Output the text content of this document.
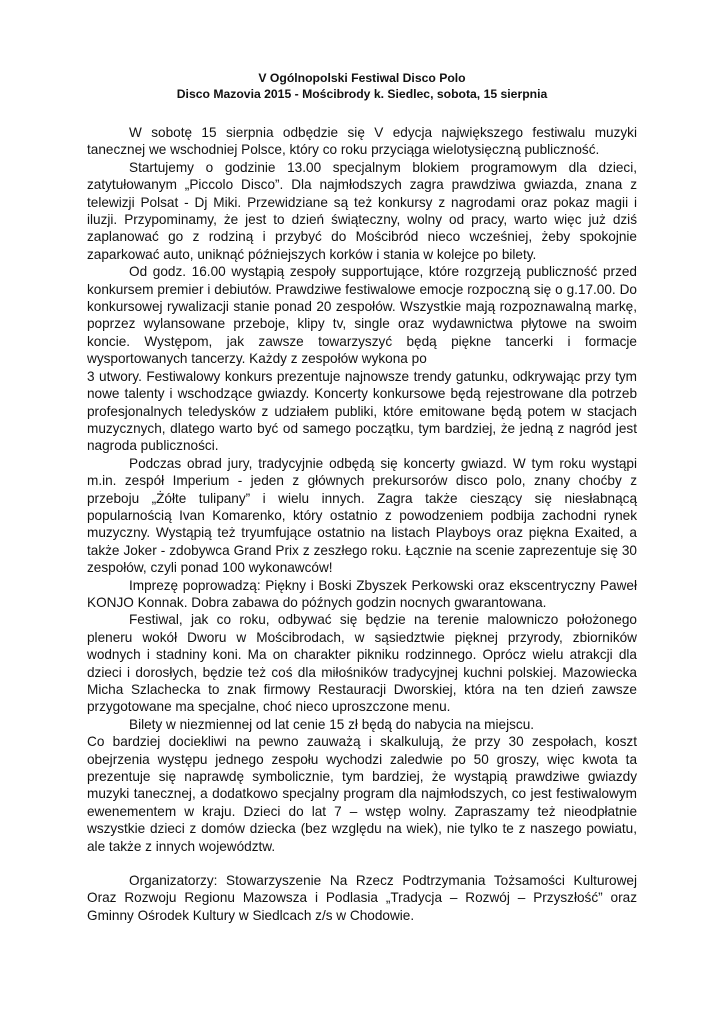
V Ogólnopolski Festiwal Disco Polo

Disco Mazovia 2015 - Mościbrody k. Siedlec, sobota, 15 sierpnia

W sobotę 15 sierpnia odbędzie się V edycja największego festiwalu muzyki tanecznej we wschodniej Polsce, który co roku przyciąga wielotysięczną publiczność.

Startujemy o godzinie 13.00 specjalnym blokiem programowym dla dzieci, zatytułowanym „Piccolo Disco”. Dla najmłodszych zagra prawdziwa gwiazda, znana z telewizji Polsat - Dj Miki. Przewidziane są też konkursy z nagrodami oraz pokaz magii i iluzji. Przypominamy, że jest to dzień świąteczny, wolny od pracy, warto więc już dziś zaplanować go z rodziną i przybyć do Mościbród nieco wcześniej, żeby spokojnie zaparkować auto, uniknąć późniejszych korków i stania w kolejce po bilety.

Od godz. 16.00 wystąpią zespoły supportujące, które rozgrzeją publiczność przed konkursem premier i debiutów. Prawdziwe festiwalowe emocje rozpoczną się o g.17.00. Do konkursowej rywalizacji stanie ponad 20 zespołów. Wszystkie mają rozpoznawalną markę, poprzez wylansowane przeboje, klipy tv, single oraz wydawnictwa płytowe na swoim koncie. Występom, jak zawsze towarzyszyć będą piękne tancerki i formacje wysportowanych tancerzy. Każdy z zespołów wykona po

3 utwory. Festiwalowy konkurs prezentuje najnowsze trendy gatunku, odkrywając przy tym nowe talenty i wschodzące gwiazdy. Koncerty konkursowe będą rejestrowane dla potrzeb profesjonalnych teledysków z udziałem publiki, które emitowane będą potem w stacjach muzycznych, dlatego warto być od samego początku, tym bardziej, że jedną z nagród jest nagroda publiczności.

Podczas obrad jury, tradycyjnie odbędą się koncerty gwiazd. W tym roku wystąpi m.in. zespół Imperium - jeden z głównych prekursorów disco polo, znany choćby z przeboju „Żółte tulipany” i wielu innych. Zagra także cieszący się niesłabnącą popularnością Ivan Komarenko, który ostatnio z powodzeniem podbija zachodni rynek muzyczny. Wystąpią też tryumfujące ostatnio na listach Playboys oraz piękna Exaited, a także Joker - zdobywca Grand Prix z zeszłego roku. Łącznie na scenie zaprezentuje się 30 zespołów, czyli ponad 100 wykonawców!

Imprezę poprowadzą: Piękny i Boski Zbyszek Perkowski oraz ekscentryczny Paweł KONJO Konnak. Dobra zabawa do późnych godzin nocnych gwarantowana.

Festiwal, jak co roku, odbywać się będzie na terenie malowniczo położonego pleneru wokół Dworu w Mościbrodach, w sąsiedztwie pięknej przyrody, zbiorników wodnych i stadniny koni. Ma on charakter pikniku rodzinnego. Oprócz wielu atrakcji dla dzieci i dorosłych, będzie też coś dla miłośników tradycyjnej kuchni polskiej. Mazowiecka Micha Szlachecka to znak firmowy Restauracji Dworskiej, która na ten dzień zawsze przygotowane ma specjalne, choć nieco uproszczone menu.

Bilety w niezmiennej od lat cenie 15 zł będą do nabycia na miejscu.

Co bardziej dociekliwi na pewno zauważą i skalkulują, że przy 30 zespołach, koszt obejrzenia występu jednego zespołu wychodzi zaledwie po 50 groszy, więc kwota ta prezentuje się naprawdę symbolicznie, tym bardziej, że wystąpią prawdziwe gwiazdy muzyki tanecznej, a dodatkowo specjalny program dla najmłodszych, co jest festiwalowym ewenementem w kraju. Dzieci do lat 7 – wstęp wolny. Zapraszamy też nieodpłatnie wszystkie dzieci z domów dziecka (bez względu na wiek), nie tylko te z naszego powiatu, ale także z innych województw.

Organizatorzy: Stowarzyszenie Na Rzecz Podtrzymania Tożsamości Kulturowej Oraz Rozwoju Regionu Mazowsza i Podlasia „Tradycja – Rozwój – Przyszłość” oraz Gminny Ośrodek Kultury w Siedlcach z/s w Chodowie.
